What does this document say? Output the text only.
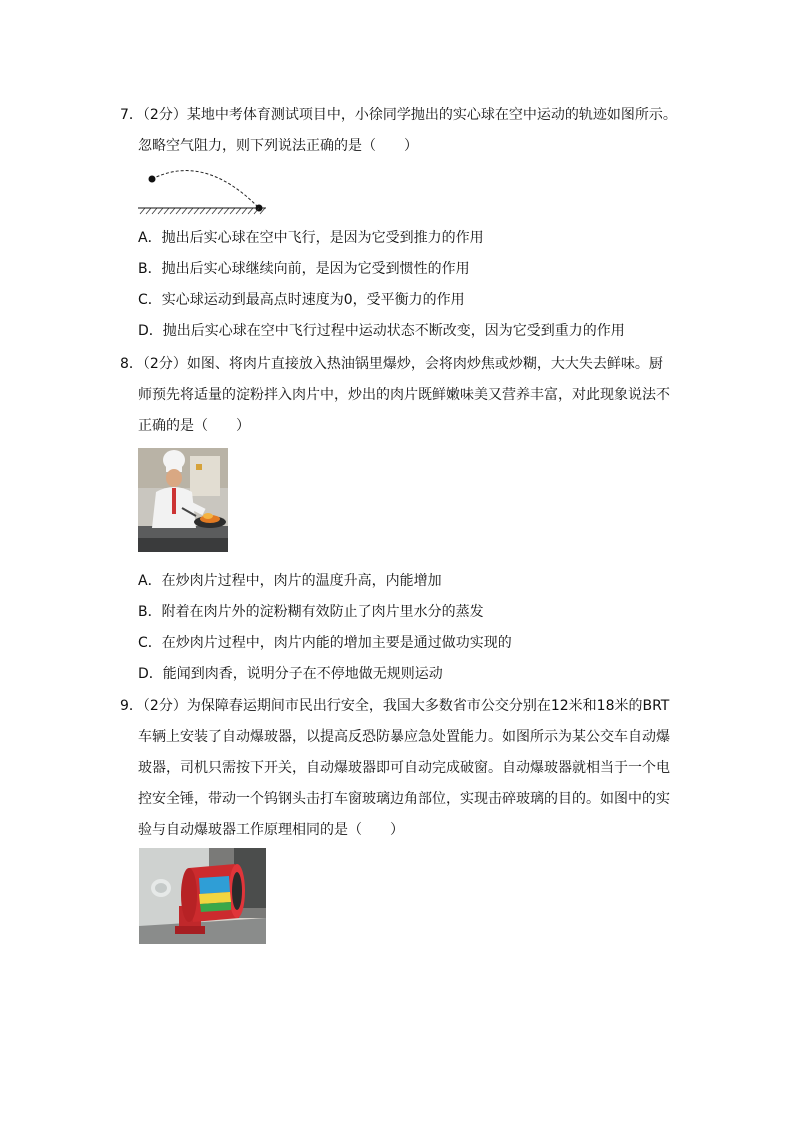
7．（2分）某地中考体育测试项目中，小徐同学抛出的实心球在空中运动的轨迹如图所示。
忽略空气阻力，则下列说法正确的是（　　）
A．抛出后实心球在空中飞行，是因为它受到推力的作用
B．抛出后实心球继续向前，是因为它受到惯性的作用
C．实心球运动到最高点时速度为0，受平衡力的作用
D．抛出后实心球在空中飞行过程中运动状态不断改变，因为它受到重力的作用
8．（2分）如图、将肉片直接放入热油锅里爆炒，会将肉炒焦或炒糊，大大失去鲜味。厨
师预先将适量的淀粉拌入肉片中，炒出的肉片既鲜嫩味美又营养丰富，对此现象说法不
正确的是（　　）
A．在炒肉片过程中，肉片的温度升高，内能增加
B．附着在肉片外的淀粉糊有效防止了肉片里水分的蒸发
C．在炒肉片过程中，肉片内能的增加主要是通过做功实现的
D．能闻到肉香，说明分子在不停地做无规则运动
9．（2分）为保障春运期间市民出行安全，我国大多数省市公交分别在12米和18米的BRT
车辆上安装了自动爆玻器，以提高反恐防暴应急处置能力。如图所示为某公交车自动爆
玻器，司机只需按下开关，自动爆玻器即可自动完成破窗。自动爆玻器就相当于一个电
控安全锤，带动一个钨钢头击打车窗玻璃边角部位，实现击碎玻璃的目的。如图中的实
验与自动爆玻器工作原理相同的是（　　）
